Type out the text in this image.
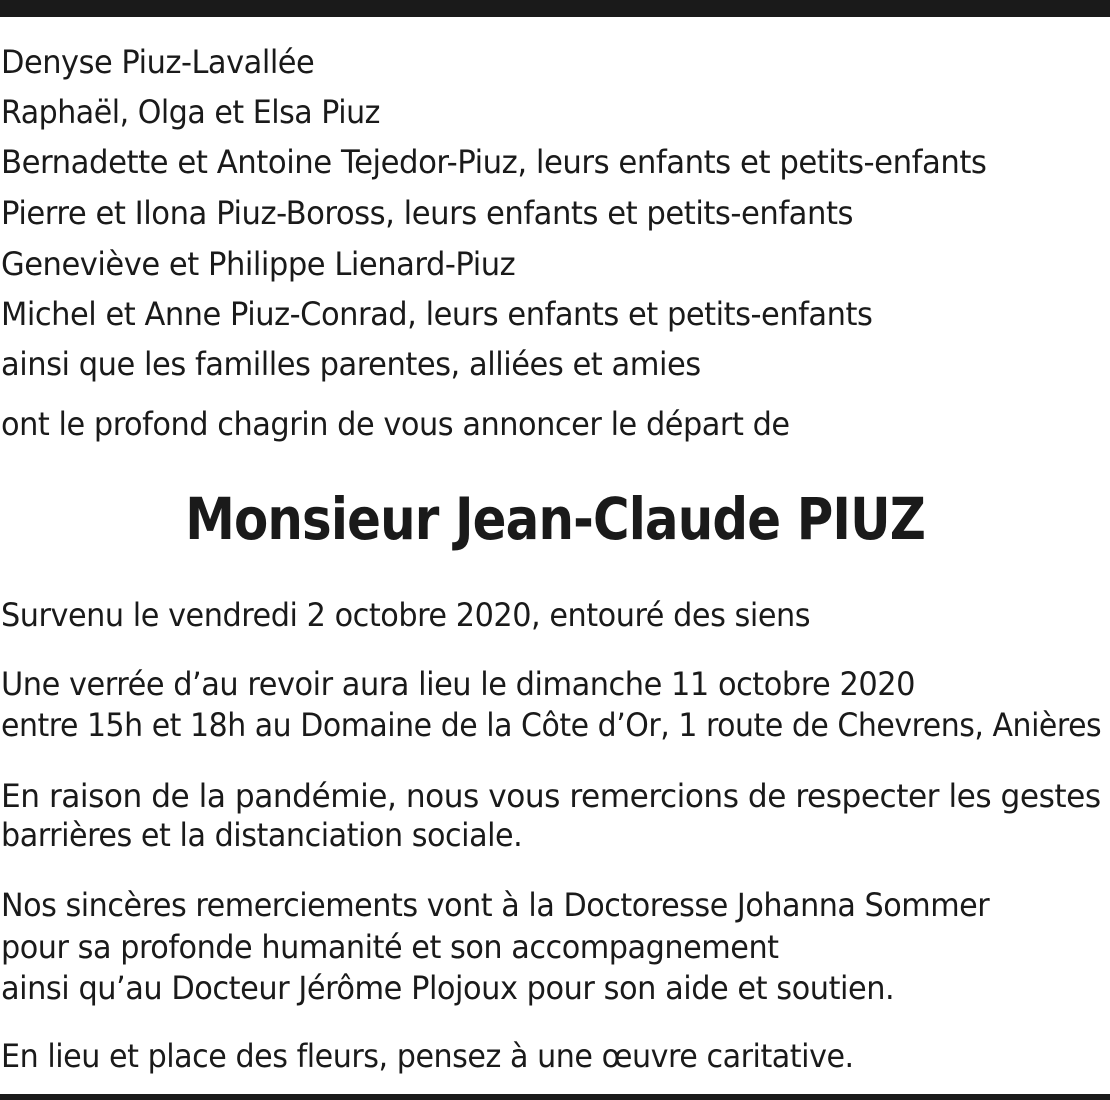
Denyse Piuz-Lavallée
Raphaël, Olga et Elsa Piuz
Bernadette et Antoine Tejedor-Piuz, leurs enfants et petits-enfants
Pierre et Ilona Piuz-Boross, leurs enfants et petits-enfants
Geneviève et Philippe Lienard-Piuz
Michel et Anne Piuz-Conrad, leurs enfants et petits-enfants
ainsi que les familles parentes, alliées et amies
ont le profond chagrin de vous annoncer le départ de
Monsieur Jean-Claude PIUZ
Survenu le vendredi 2 octobre 2020, entouré des siens
Une verrée d’au revoir aura lieu le dimanche 11 octobre 2020
entre 15h et 18h au Domaine de la Côte d’Or, 1 route de Chevrens, Anières
En raison de la pandémie, nous vous remercions de respecter les gestes
barrières et la distanciation sociale.
Nos sincères remerciements vont à la Doctoresse Johanna Sommer
pour sa profonde humanité et son accompagnement
ainsi qu’au Docteur Jérôme Plojoux pour son aide et soutien.
En lieu et place des fleurs, pensez à une œuvre caritative.
